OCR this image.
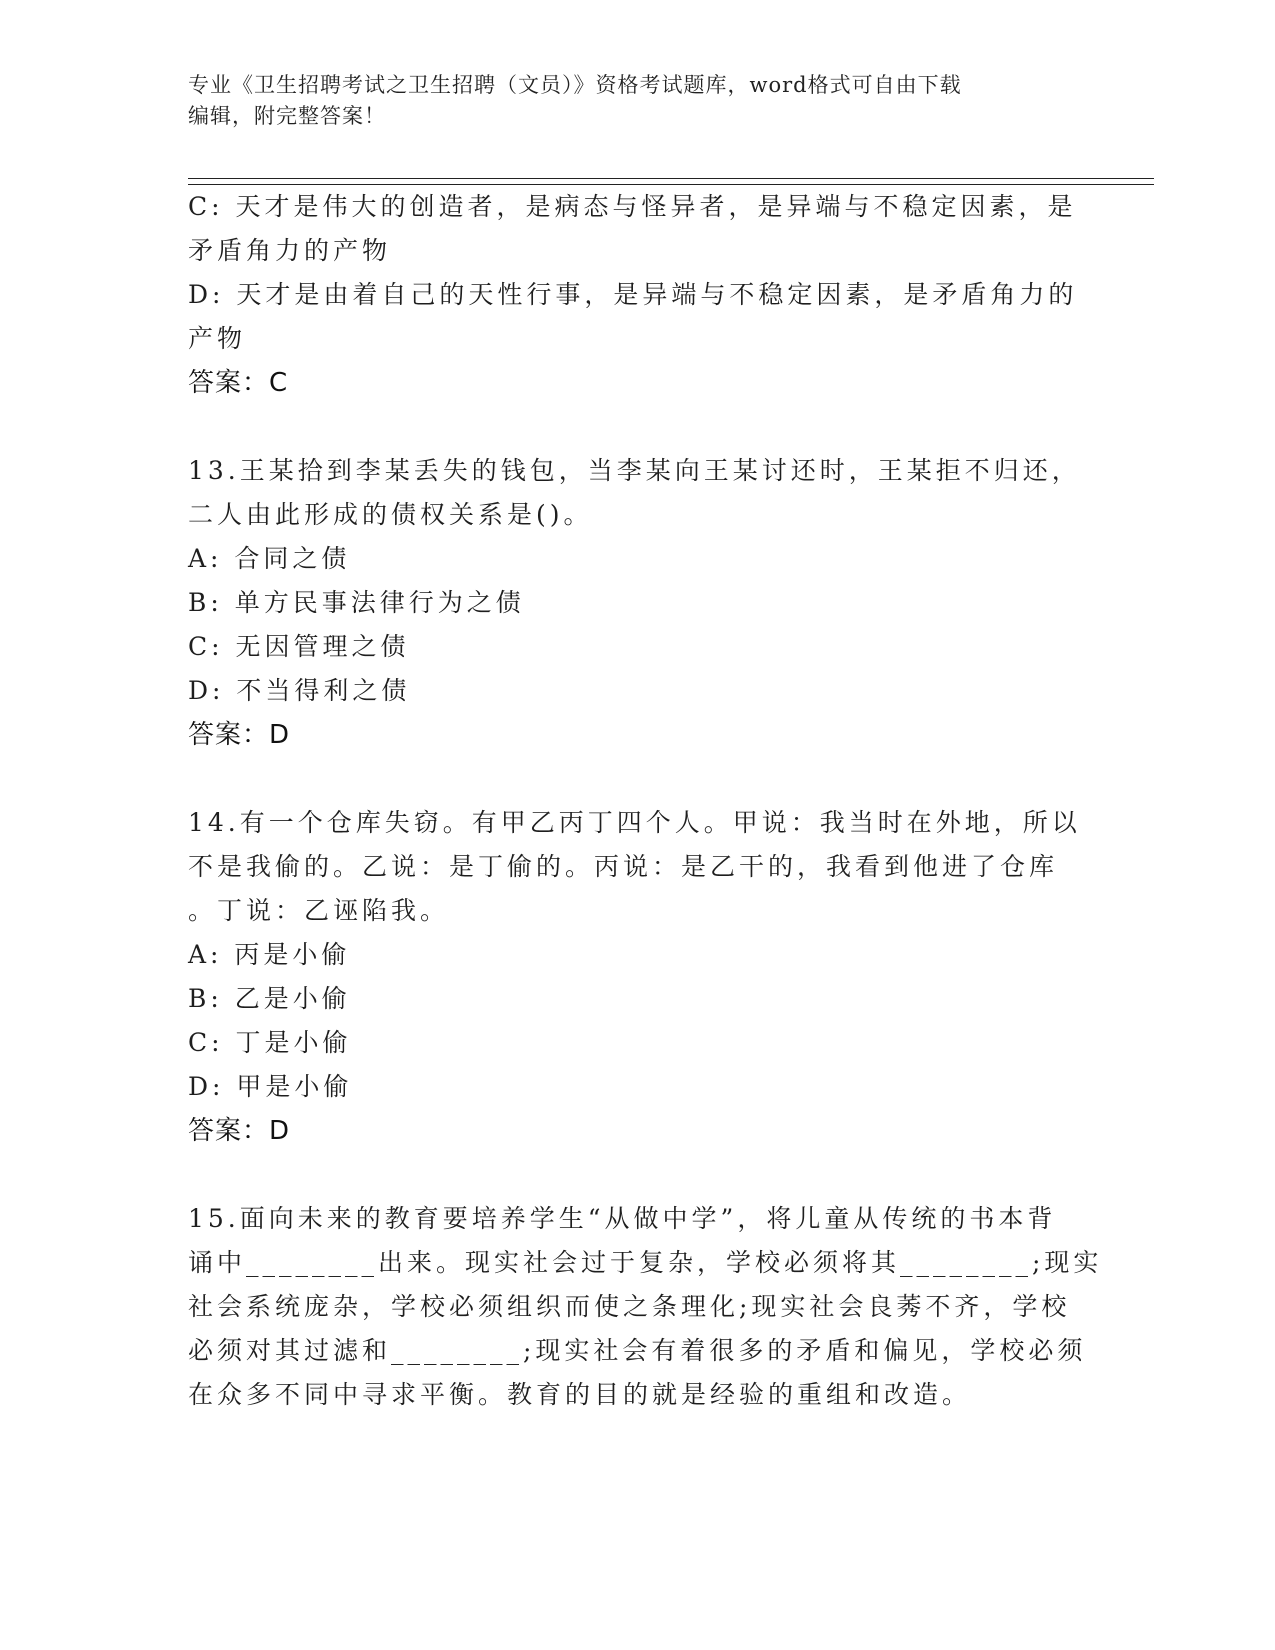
专业《卫生招聘考试之卫生招聘（文员）》资格考试题库，word格式可自由下载
编辑，附完整答案！
C: 天才是伟大的创造者，是病态与怪异者，是异端与不稳定因素，是
矛盾角力的产物
D: 天才是由着自己的天性行事，是异端与不稳定因素，是矛盾角力的
产物
答案：C
13.王某拾到李某丢失的钱包，当李某向王某讨还时，王某拒不归还，
二人由此形成的债权关系是()。
A: 合同之债
B: 单方民事法律行为之债
C: 无因管理之债
D: 不当得利之债
答案：D
14.有一个仓库失窃。有甲乙丙丁四个人。甲说：我当时在外地，所以
不是我偷的。乙说：是丁偷的。丙说：是乙干的，我看到他进了仓库
。丁说：乙诬陷我。
A: 丙是小偷
B: 乙是小偷
C: 丁是小偷
D: 甲是小偷
答案：D
15.面向未来的教育要培养学生“从做中学”，将儿童从传统的书本背
诵中________出来。现实社会过于复杂，学校必须将其________;现实
社会系统庞杂，学校必须组织而使之条理化;现实社会良莠不齐，学校
必须对其过滤和________;现实社会有着很多的矛盾和偏见，学校必须
在众多不同中寻求平衡。教育的目的就是经验的重组和改造。
